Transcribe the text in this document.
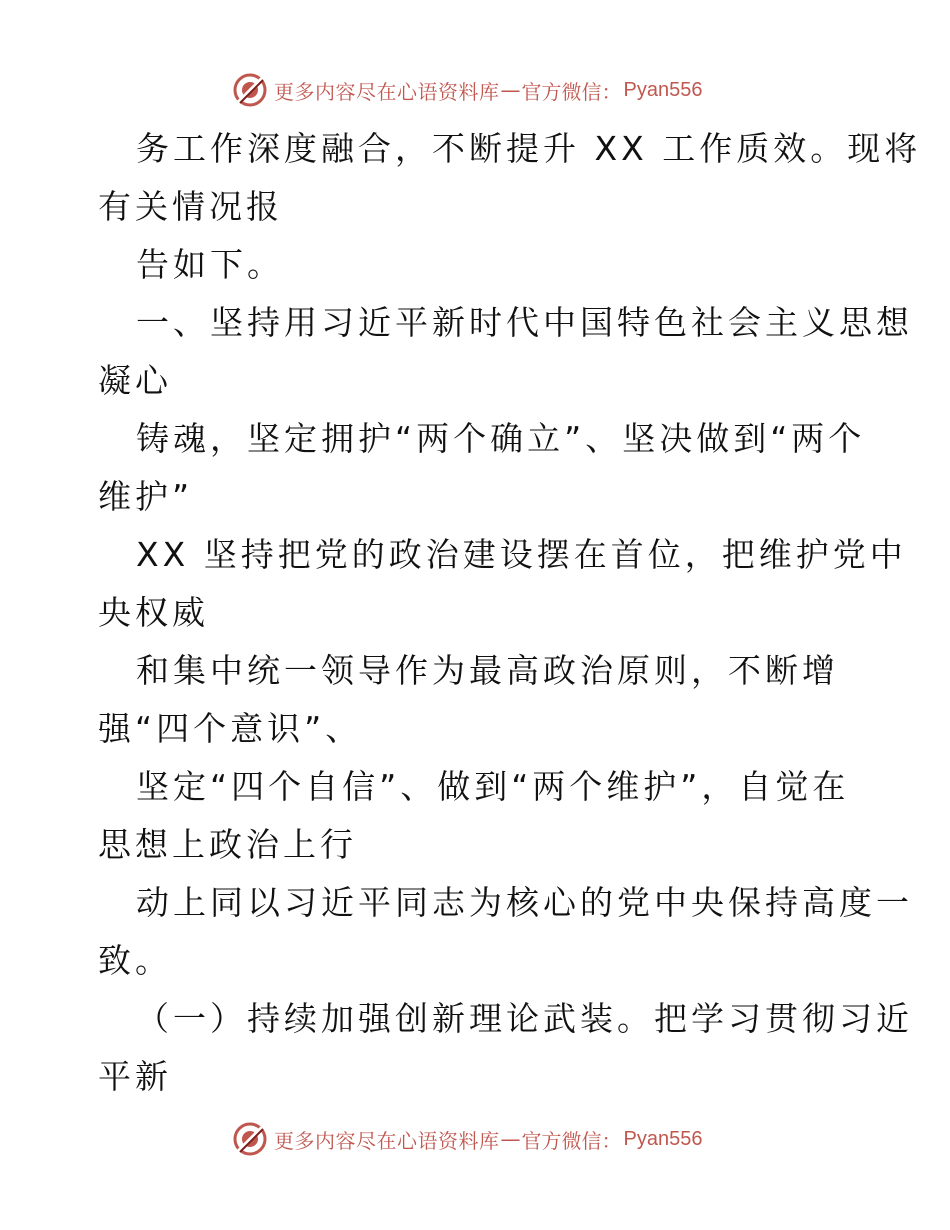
更多内容尽在心语资料库 — 官方微信： Pyan556
务工作深度融合，不断提升 XX 工作质效。现将
有关情况报
告如下。
一、坚持用习近平新时代中国特色社会主义思想
凝心
铸魂，坚定拥护“两个确立”、坚决做到“两个
维护”
XX 坚持把党的政治建设摆在首位，把维护党中
央权威
和集中统一领导作为最高政治原则，不断增
强“四个意识”、
坚定“四个自信”、做到“两个维护”，自觉在
思想上政治上行
动上同以习近平同志为核心的党中央保持高度一
致。
（一）持续加强创新理论武装。把学习贯彻习近
平新
更多内容尽在心语资料库 — 官方微信： Pyan556
